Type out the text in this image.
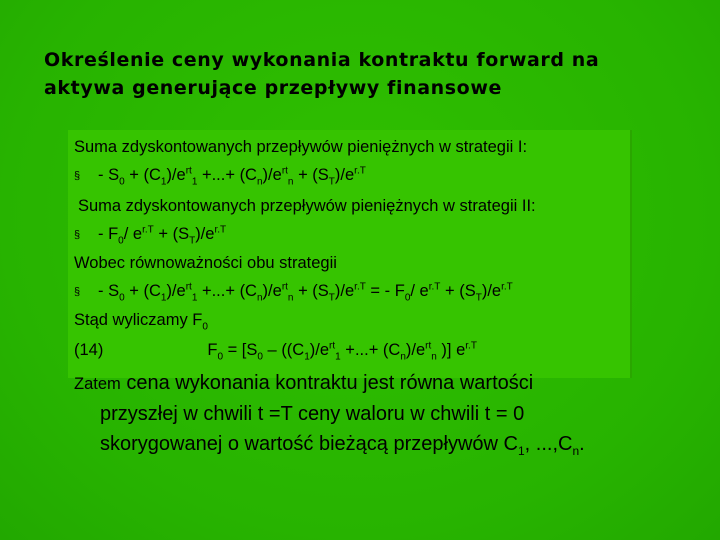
Określenie ceny wykonania kontraktu forward na
aktywa generujące przepływy finansowe
Suma zdyskontowanych przepływów pieniężnych w strategii I:
§ - $S_0 + (C_1)/e^{rt}_1$ +...+ $(C_n)/e^{rt}_n + (S_T)/e^{r.T}$
Suma zdyskontowanych przepływów pieniężnych w strategii II:
§ - $F_0/$ $e^{r.T} + (S_T)/e^{r.T}$
Wobec równoważności obu strategii
§ - $S_0 + (C_1)/e^{rt}_1$ +...+ $(C_n)/e^{rt}_n + (S_T)/e^{r.T}$ = - $F_0/$ $e^{r.T} + (S_T)/e^{r.T}$
Stąd wyliczamy $F_0$
(14)	$F_0 = [S_0 - ((C_1)/e^{rt}_1$ +...+ $(C_n)/e^{rt}_n$ )] $e^{r.T}$
Zatem cena wykonania kontraktu jest równa wartości
przyszłej w chwili t =T ceny waloru w chwili t = 0
skorygowanej o wartość bieżącą przepływów $C_1$, $...,C_n$.
